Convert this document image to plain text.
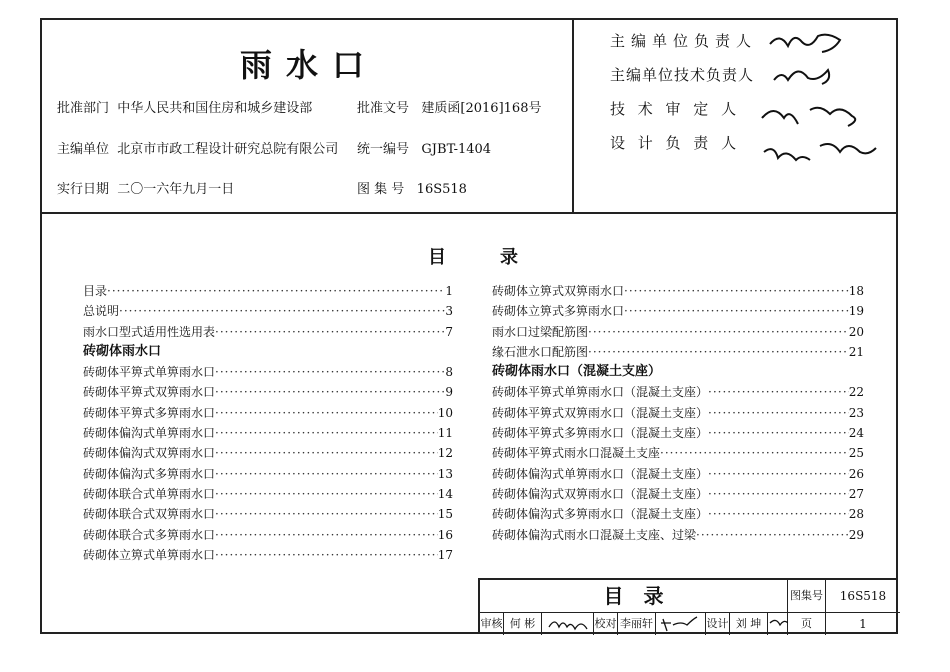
雨水口
批准部门 中华人民共和国住房和城乡建设部
主编单位 北京市市政工程设计研究总院有限公司
实行日期 二〇一六年九月一日
批准文号 建质函[2016]168号
统一编号 GJBT-1404
图 集 号 16S518
主编单位负责人
主编单位技术负责人
技 术 审 定 人
设 计 负 责 人
目　　录
目录 ·····	1
总说明 ·····	3
雨水口型式适用性选用表 ·····	7
砖砌体雨水口
砖砌体平箅式单箅雨水口 ·····	8
砖砌体平箅式双箅雨水口 ·····	9
砖砌体平箅式多箅雨水口 ·····	10
砖砌体偏沟式单箅雨水口 ·····	11
砖砌体偏沟式双箅雨水口 ·····	12
砖砌体偏沟式多箅雨水口 ·····	13
砖砌体联合式单箅雨水口 ·····	14
砖砌体联合式双箅雨水口 ·····	15
砖砌体联合式多箅雨水口 ·····	16
砖砌体立箅式单箅雨水口 ·····	17
砖砌体立箅式双箅雨水口 ·····	18
砖砌体立箅式多箅雨水口 ·····	19
雨水口过梁配筋图 ·····	20
缘石泄水口配筋图 ·····	21
砖砌体雨水口（混凝土支座）
砖砌体平箅式单箅雨水口（混凝土支座） ·····	22
砖砌体平箅式双箅雨水口（混凝土支座） ·····	23
砖砌体平箅式多箅雨水口（混凝土支座） ·····	24
砖砌体平箅式雨水口混凝土支座 ·····	25
砖砌体偏沟式单箅雨水口（混凝土支座） ·····	26
砖砌体偏沟式双箅雨水口（混凝土支座） ·····	27
砖砌体偏沟式多箅雨水口（混凝土支座） ·····	28
砖砌体偏沟式雨水口混凝土支座、过梁 ·····	29
目　录	图集号	16S518
审核 何 彬	校对 李丽轩	设计 刘 坤	页	1
